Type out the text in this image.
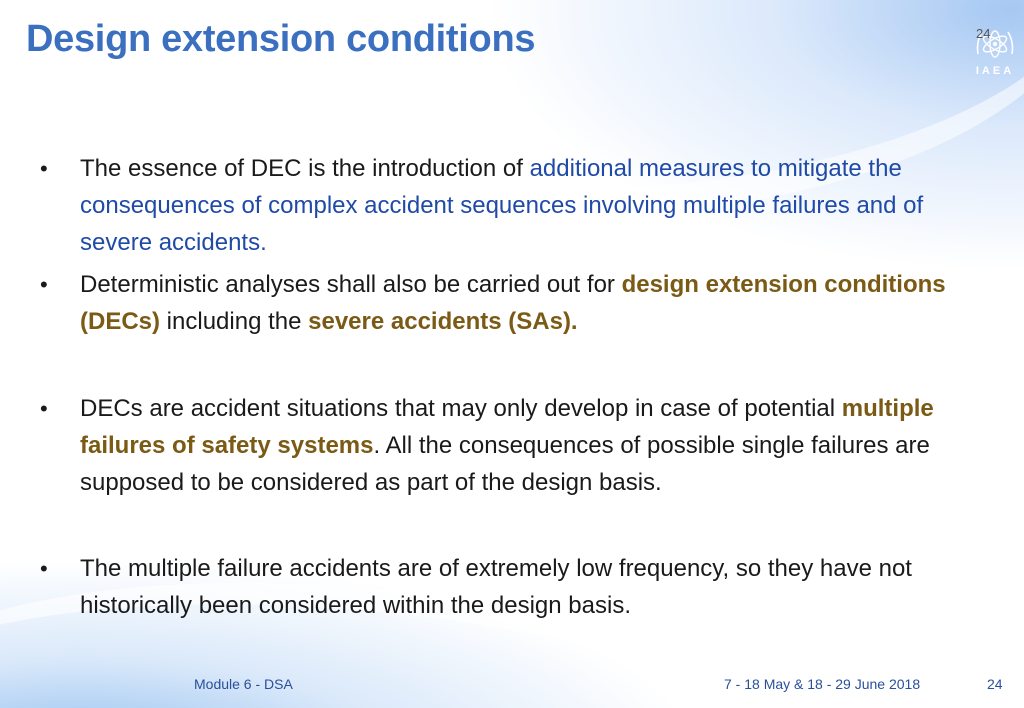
Design extension conditions
IAEA
24
• The essence of DEC is the introduction of additional measures to mitigate the consequences of complex accident sequences involving multiple failures and of severe accidents.
• Deterministic analyses shall also be carried out for design extension conditions (DECs) including the severe accidents (SAs).
• DECs are accident situations that may only develop in case of potential multiple failures of safety systems. All the consequences of possible single failures are supposed to be considered as part of the design basis.
• The multiple failure accidents are of extremely low frequency, so they have not historically been considered within the design basis.
Module 6 - DSA	7 - 18 May & 18 - 29 June 2018	24
